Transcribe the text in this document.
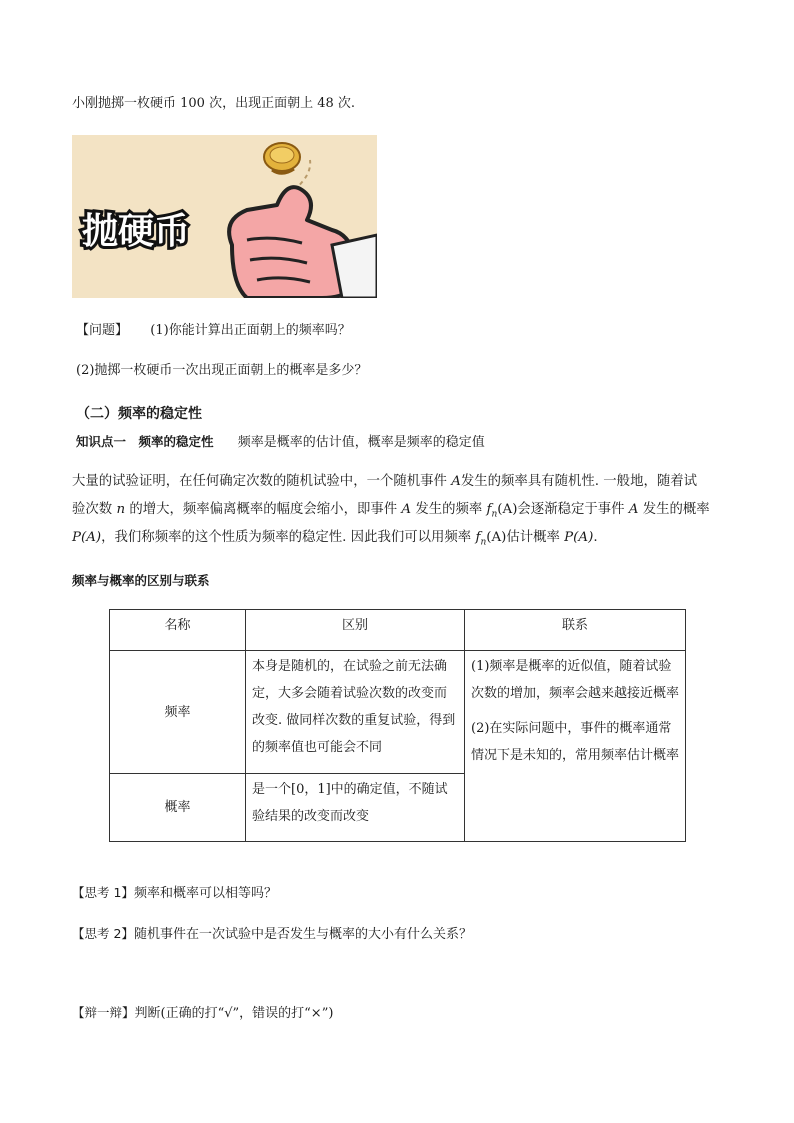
小刚抛掷一枚硬币 100 次，出现正面朝上 48 次.
抛硬币
【问题】 (1)你能计算出正面朝上的频率吗？
(2)抛掷一枚硬币一次出现正面朝上的概率是多少？
（二）频率的稳定性
知识点一　频率的稳定性 频率是概率的估计值，概率是频率的稳定值
大量的试验证明，在任何确定次数的随机试验中，一个随机事件 A发生的频率具有随机性. 一般地，随着试
验次数 n 的增大，频率偏离概率的幅度会缩小，即事件 A 发生的频率 $f_n(A)$会逐渐稳定于事件 A 发生的概率
P(A)，我们称频率的这个性质为频率的稳定性. 因此我们可以用频率 $f_n(A)$估计概率 P(A).
频率与概率的区别与联系
名称	区别	联系

频率	本身是随机的，在试验之前无法确定，大多会随着试验次数的改变而改变. 做同样次数的重复试验，得到的频率值也可能会不同	(1)频率是概率的近似值，随着试验次数的增加，频率会越来越接近概率
(2)在实际问题中，事件的概率通常情况下是未知的，常用频率估计概率

概率	是一个[0，1]中的确定值，不随试验结果的改变而改变	
【思考 1】频率和概率可以相等吗？
【思考 2】随机事件在一次试验中是否发生与概率的大小有什么关系？
【辩一辩】判断(正确的打“√”，错误的打“×”)
